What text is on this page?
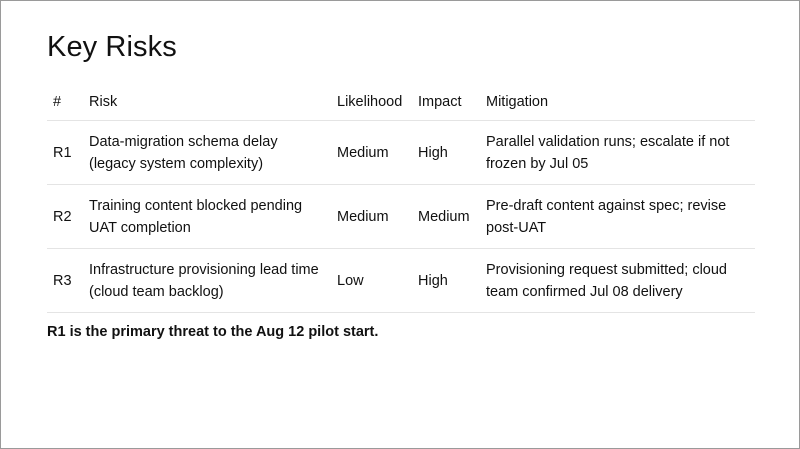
Key Risks
#	Risk	Likelihood	Impact	Mitigation
R1	Data-migration schema delay (legacy system complexity)	Medium	High	Parallel validation runs; escalate if not frozen by Jul 05
R2	Training content blocked pending UAT completion	Medium	Medium	Pre-draft content against spec; revise post-UAT
R3	Infrastructure provisioning lead time (cloud team backlog)	Low	High	Provisioning request submitted; cloud team confirmed Jul 08 delivery
R1 is the primary threat to the Aug 12 pilot start.
